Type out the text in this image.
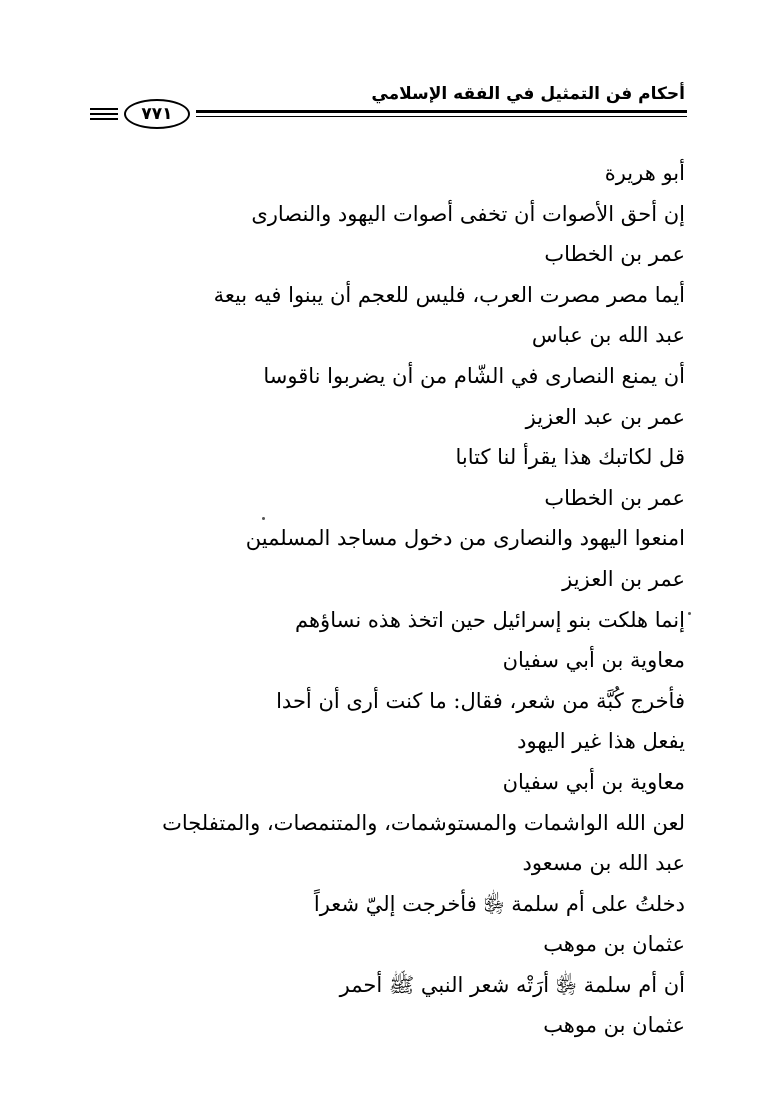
أحكام فن التمثيل في الفقه الإسلامي
٧٧١
أبو هريرة
إن أحق الأصوات أن تخفى أصوات اليهود والنصارى
عمر بن الخطاب
أيما مصر مصرت العرب، فليس للعجم أن يبنوا فيه بيعة
عبد الله بن عباس
أن يمنع النصارى في الشّام من أن يضربوا ناقوسا
عمر بن عبد العزيز
قل لكاتبك هذا يقرأ لنا كتابا
عمر بن الخطاب
امنعوا اليهود والنصارى من دخول مساجد المسلمين
عمر بن العزيز
إنما هلكت بنو إسرائيل حين اتخذ هذه نساؤهم
معاوية بن أبي سفيان
فأخرج كُبَّة من شعر، فقال: ما كنت أرى أن أحدا
يفعل هذا غير اليهود
معاوية بن أبي سفيان
لعن الله الواشمات والمستوشمات، والمتنمصات، والمتفلجات
عبد الله بن مسعود
دخلتُ على أم سلمة ﵂ فأخرجت إليّ شعراً
عثمان بن موهب
أن أم سلمة ﵂ أرَتْه شعر النبي ﷺ أحمر
عثمان بن موهب
